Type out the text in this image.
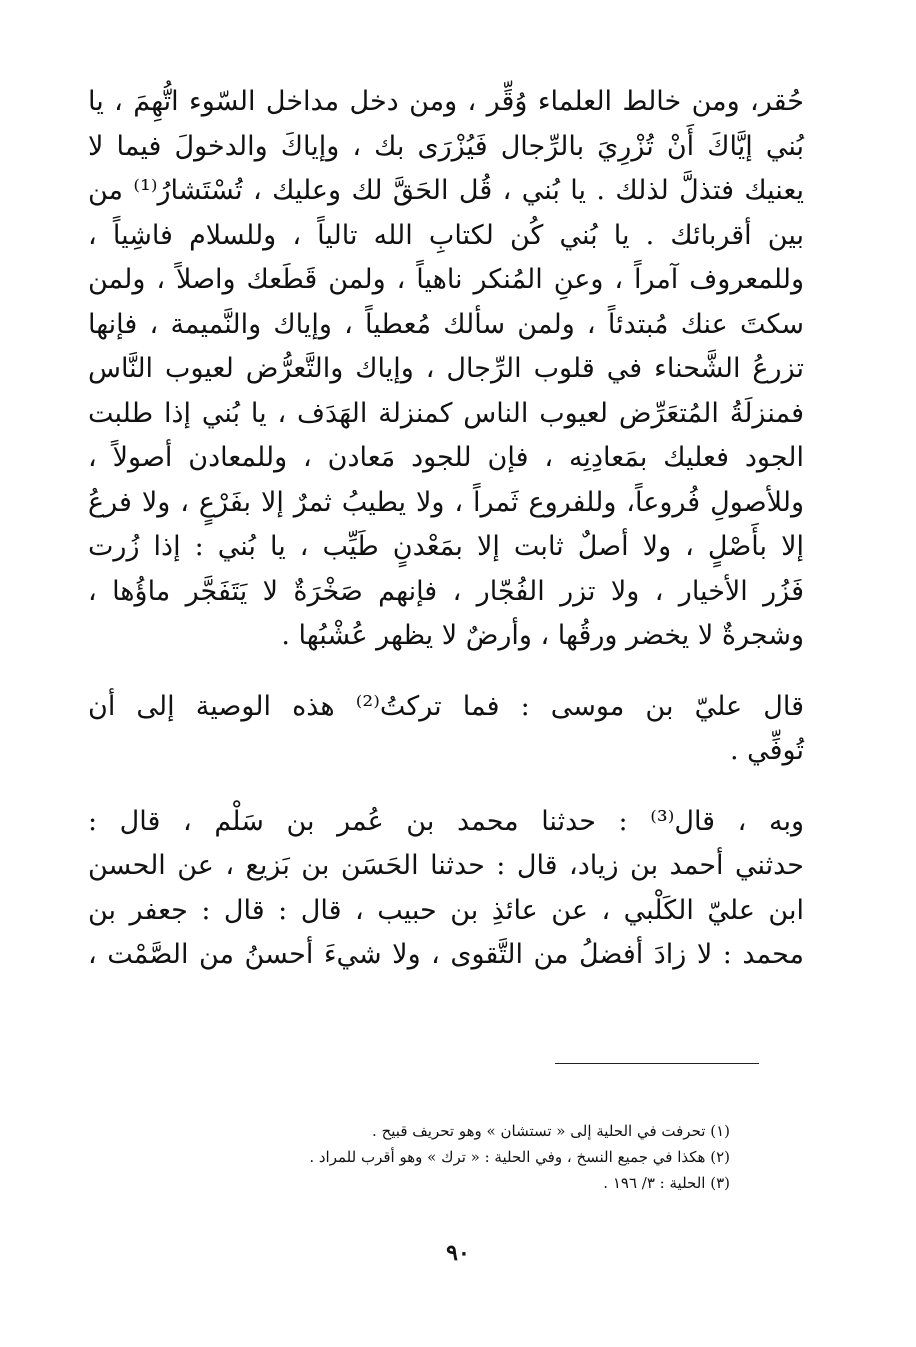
حُقر، ومن خالط العلماء وُقِّر ، ومن دخل مداخل السّوء اتُّهِمَ ، يا
بُني إيَّاكَ أَنْ تُزْرِيَ بالرِّجال فَيُزْرَى بك ، وإياكَ والدخولَ فيما لا
يعنيك فتذلَّ لذلك . يا بُني ، قُل الحَقَّ لك وعليك ، تُسْتَشارُ⁽¹⁾ من
بين أقربائك . يا بُني كُن لكتابِ الله تالياً ، وللسلام فاشِياً ،
وللمعروف آمراً ، وعنِ المُنكر ناهياً ، ولمن قَطَعك واصلاً ، ولمن
سكتَ عنك مُبتدئاً ، ولمن سألك مُعطياً ، وإياك والنَّميمة ، فإنها
تزرعُ الشَّحناء في قلوب الرِّجال ، وإياك والتَّعرُّض لعيوب النَّاس
فمنزلَةُ المُتعَرِّض لعيوب الناس كمنزلة الهَدَف ، يا بُني إذا طلبت
الجود فعليك بمَعادِنِه ، فإن للجود مَعادن ، وللمعادن أصولاً ،
وللأصولِ فُروعاً، وللفروع ثَمراً ، ولا يطيبُ ثمرٌ إلا بفَرْعٍ ، ولا فرعُ
إلا بأَصْلٍ ، ولا أصلٌ ثابت إلا بمَعْدنٍ طَيِّب ، يا بُني : إذا زُرت
فَزُر الأخيار ، ولا تزر الفُجّار ، فإنهم صَخْرَةٌ لا يَتَفَجَّر ماؤُها ،
وشجرةٌ لا يخضر ورقُها ، وأرضٌ لا يظهر عُشْبُها .

قال عليّ بن موسى : فما تركتُ⁽²⁾ هذه الوصية إلى أن
تُوفِّي .

وبه ، قال⁽³⁾ : حدثنا محمد بن عُمر بن سَلْم ، قال :
حدثني أحمد بن زياد، قال : حدثنا الحَسَن بن بَزيع ، عن الحسن
ابن عليّ الكَلْبي ، عن عائذِ بن حبيب ، قال : قال : جعفر بن
محمد : لا زادَ أفضلُ من التَّقوى ، ولا شيءَ أحسنُ من الصَّمْت ،

(١) تحرفت في الحلية إلى « تستشان » وهو تحريف قبيح .

(٢) هكذا في جميع النسخ ، وفي الحلية : « ترك » وهو أقرب للمراد .

(٣) الحلية : ٣/ ١٩٦ .

٩٠
